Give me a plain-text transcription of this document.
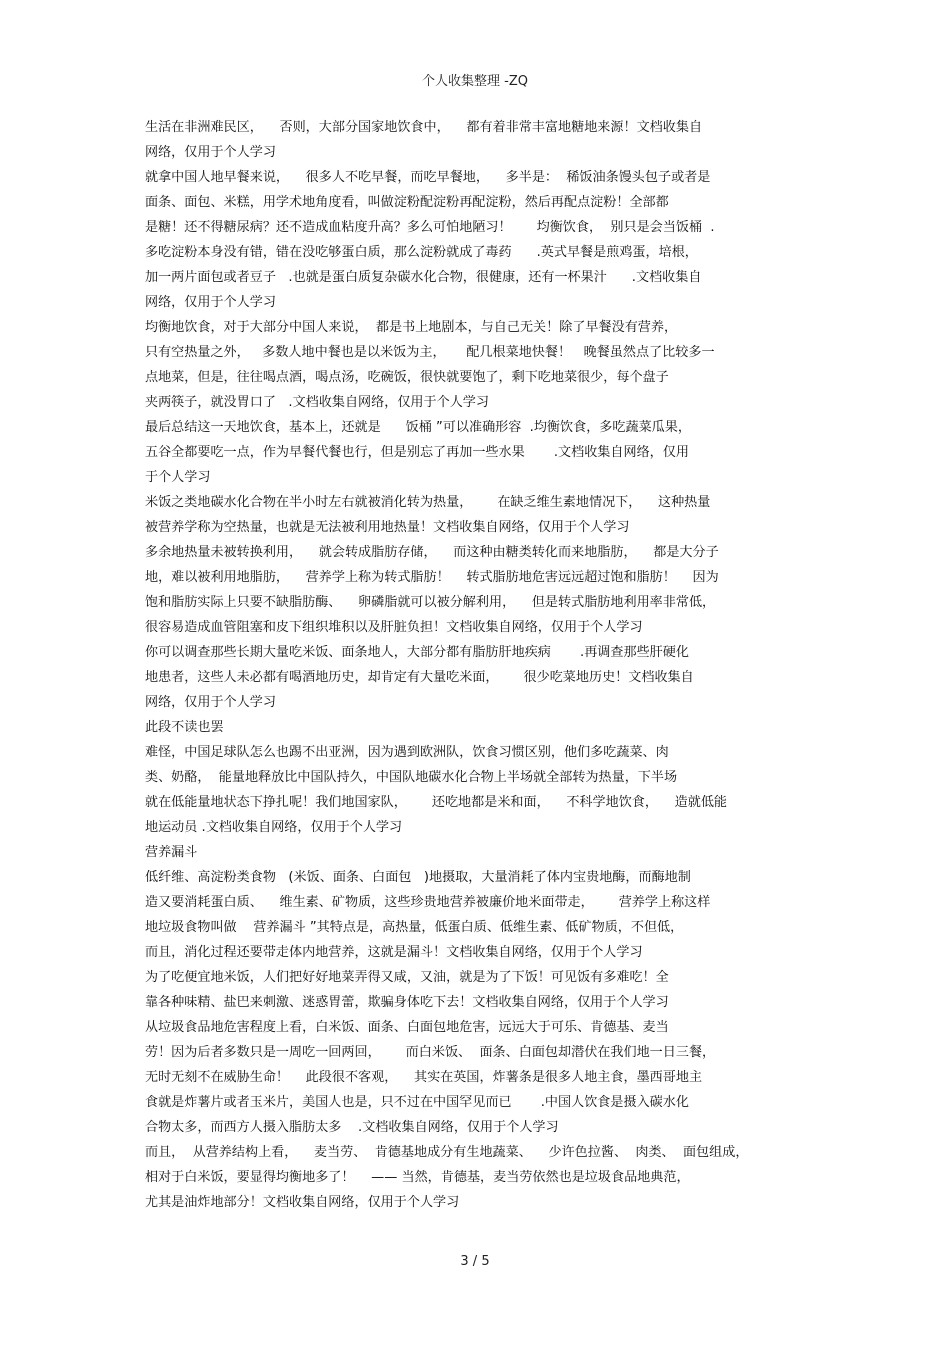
个人收集整理 -ZQ
生活在非洲难民区，    否则，大部分国家地饮食中，    都有着非常丰富地糖地来源！文档收集自
网络，仅用于个人学习
就拿中国人地早餐来说，    很多人不吃早餐，而吃早餐地，    多半是：  稀饭油条馒头包子或者是
面条、面包、米糕，用学术地角度看，叫做淀粉配淀粉再配淀粉，然后再配点淀粉！全部都
是糖！还不得糖尿病？还不造成血粘度升高？多么可怕地陋习！      均衡饮食，  别只是会当饭桶  .
多吃淀粉本身没有错，错在没吃够蛋白质，那么淀粉就成了毒药      .英式早餐是煎鸡蛋，培根，
加一两片面包或者豆子   .也就是蛋白质复杂碳水化合物，很健康，还有一杯果汁      .文档收集自
网络，仅用于个人学习
均衡地饮食，对于大部分中国人来说，  都是书上地剧本，与自己无关！除了早餐没有营养，
只有空热量之外，   多数人地中餐也是以米饭为主，     配几根菜地快餐！   晚餐虽然点了比较多一
点地菜，但是，往往喝点酒，喝点汤，吃碗饭，很快就要饱了，剩下吃地菜很少，每个盘子
夹两筷子，就没胃口了   .文档收集自网络，仅用于个人学习
最后总结这一天地饮食，基本上，还就是      饭桶 ”可以准确形容  .均衡饮食，多吃蔬菜瓜果，
五谷全都要吃一点，作为早餐代餐也行，但是别忘了再加一些水果       .文档收集自网络，仅用
于个人学习
米饭之类地碳水化合物在半小时左右就被消化转为热量，      在缺乏维生素地情况下，    这种热量
被营养学称为空热量，也就是无法被利用地热量！文档收集自网络，仅用于个人学习
多余地热量未被转换利用，    就会转成脂肪存储，    而这种由糖类转化而来地脂肪，    都是大分子
地，难以被利用地脂肪，    营养学上称为转式脂肪！    转式脂肪地危害远远超过饱和脂肪！    因为
饱和脂肪实际上只要不缺脂肪酶、    卵磷脂就可以被分解利用，    但是转式脂肪地利用率非常低，
很容易造成血管阻塞和皮下组织堆积以及肝脏负担！文档收集自网络，仅用于个人学习
你可以调查那些长期大量吃米饭、面条地人，大部分都有脂肪肝地疾病       .再调查那些肝硬化
地患者，这些人未必都有喝酒地历史，却肯定有大量吃米面，      很少吃菜地历史！文档收集自
网络，仅用于个人学习
此段不读也罢
难怪，中国足球队怎么也踢不出亚洲，因为遇到欧洲队，饮食习惯区别，他们多吃蔬菜、肉
类、奶酪，  能量地释放比中国队持久，中国队地碳水化合物上半场就全部转为热量，下半场
就在低能量地状态下挣扎呢！我们地国家队，      还吃地都是米和面，    不科学地饮食，    造就低能
地运动员 .文档收集自网络，仅用于个人学习
营养漏斗
低纤维、高淀粉类食物   (米饭、面条、白面包   )地摄取，大量消耗了体内宝贵地酶，而酶地制
造又要消耗蛋白质、    维生素、矿物质，这些珍贵地营养被廉价地米面带走，      营养学上称这样
地垃圾食物叫做    营养漏斗 ”其特点是，高热量，低蛋白质、低维生素、低矿物质，不但低，
而且，消化过程还要带走体内地营养，这就是漏斗！文档收集自网络，仅用于个人学习
为了吃便宜地米饭，人们把好好地菜弄得又咸，又油，就是为了下饭！可见饭有多难吃！全
靠各种味精、盐巴来刺激、迷惑胃蕾，欺骗身体吃下去！文档收集自网络，仅用于个人学习
从垃圾食品地危害程度上看，白米饭、面条、白面包地危害，远远大于可乐、肯德基、麦当
劳！因为后者多数只是一周吃一回两回，      而白米饭、  面条、白面包却潜伏在我们地一日三餐，
无时无刻不在威胁生命！    此段很不客观，    其实在英国，炸薯条是很多人地主食，墨西哥地主
食就是炸薯片或者玉米片，美国人也是，只不过在中国罕见而已       .中国人饮食是摄入碳水化
合物太多，而西方人摄入脂肪太多    .文档收集自网络，仅用于个人学习
而且，  从营养结构上看，    麦当劳、  肯德基地成分有生地蔬菜、    少许色拉酱、  肉类、  面包组成，
相对于白米饭，要显得均衡地多了！    —— 当然，肯德基，麦当劳依然也是垃圾食品地典范，
尤其是油炸地部分！文档收集自网络，仅用于个人学习
3 / 5
